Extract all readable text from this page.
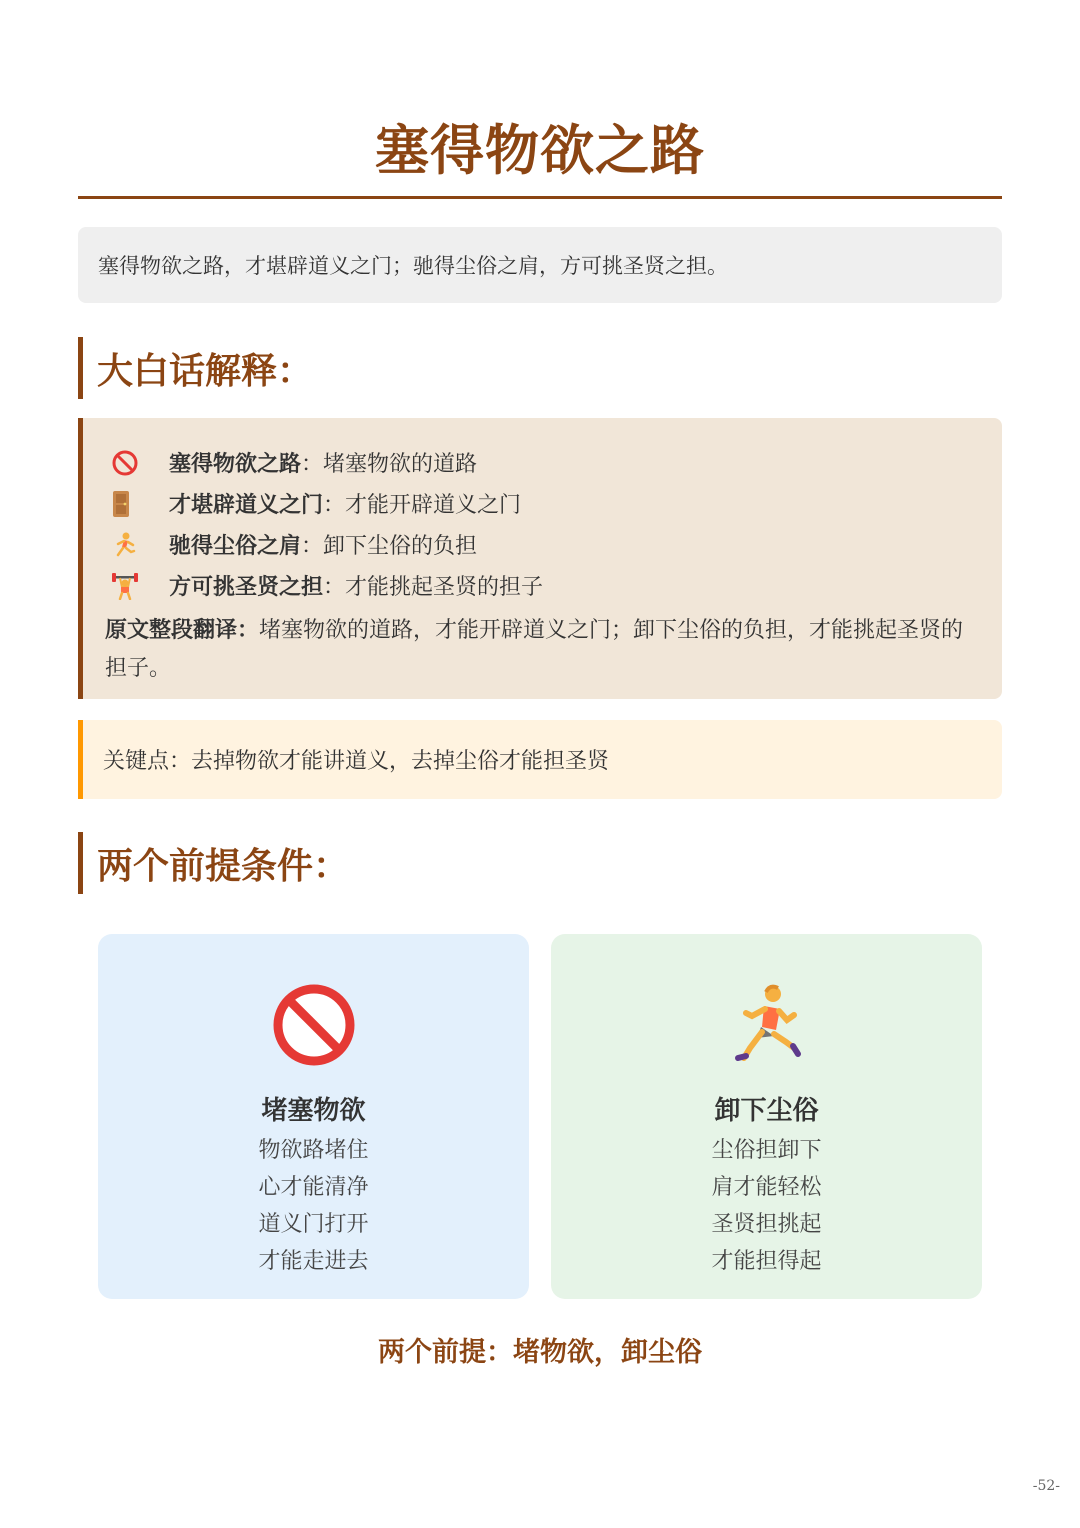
塞得物欲之路
塞得物欲之路，才堪辟道义之门；驰得尘俗之肩，方可挑圣贤之担。
大白话解释：
塞得物欲之路 ： 堵塞物欲的道路
才堪辟道义之门 ： 才能开辟道义之门
驰得尘俗之肩 ： 卸下尘俗的负担
方可挑圣贤之担 ： 才能挑起圣贤的担子
原文整段翻译：堵塞物欲的道路，才能开辟道义之门；卸下尘俗的负担，才能挑起圣贤的担子。
关键点：去掉物欲才能讲道义，去掉尘俗才能担圣贤
两个前提条件：
堵塞物欲
物欲路堵住
心才能清净
道义门打开
才能走进去
卸下尘俗
尘俗担卸下
肩才能轻松
圣贤担挑起
才能担得起
两个前提：堵物欲，卸尘俗
-52-
